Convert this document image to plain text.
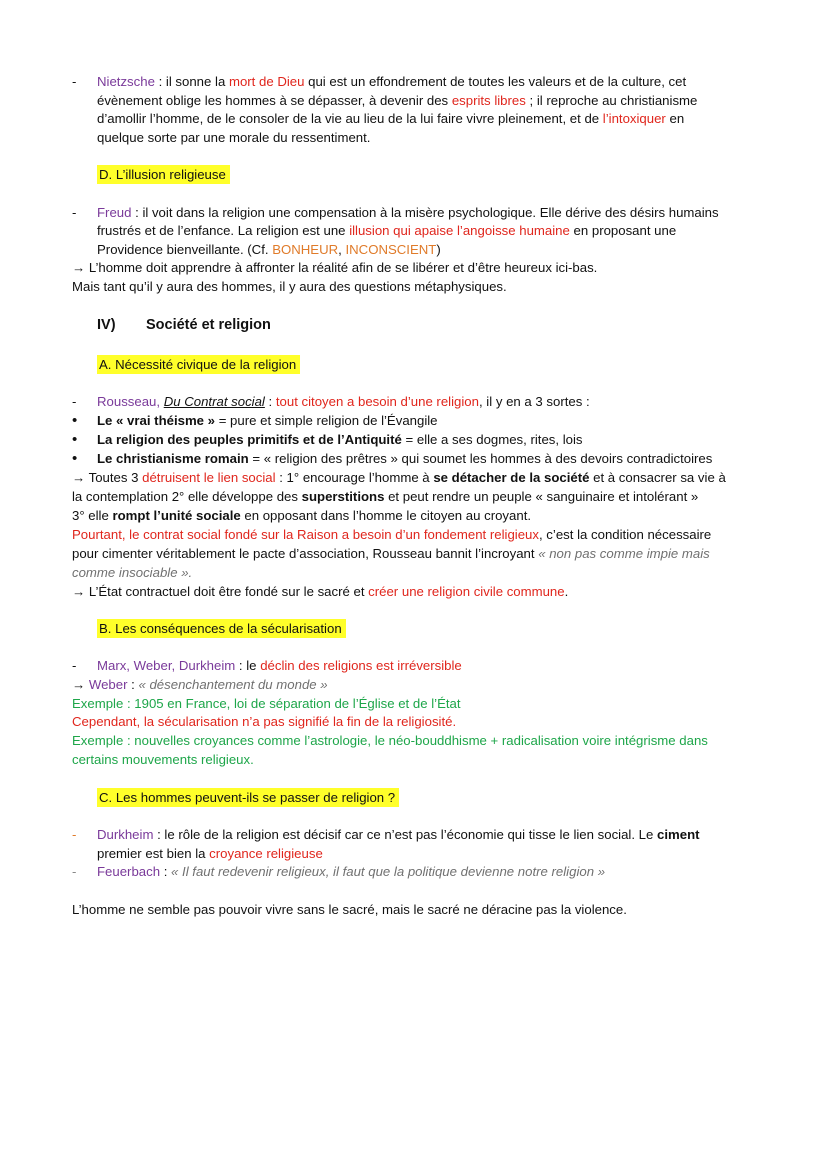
- Nietzsche : il sonne la mort de Dieu qui est un effondrement de toutes les valeurs et de la culture, cet
évènement oblige les hommes à se dépasser, à devenir des esprits libres ; il reproche au christianisme
d’amollir l’homme, de le consoler de la vie au lieu de la lui faire vivre pleinement, et de l’intoxiquer en
quelque sorte par une morale du ressentiment.
D. L’illusion religieuse
- Freud : il voit dans la religion une compensation à la misère psychologique. Elle dérive des désirs humains
frustrés et de l’enfance. La religion est une illusion qui apaise l’angoisse humaine en proposant une
Providence bienveillante. (Cf. BONHEUR, INCONSCIENT)
→ L’homme doit apprendre à affronter la réalité afin de se libérer et d’être heureux ici-bas.
Mais tant qu’il y aura des hommes, il y aura des questions métaphysiques.
IV)	Société et religion
A. Nécessité civique de la religion
- Rousseau, Du Contrat social : tout citoyen a besoin d’une religion, il y en a 3 sortes :
• Le « vrai théisme » = pure et simple religion de l’Évangile
• La religion des peuples primitifs et de l’Antiquité = elle a ses dogmes, rites, lois
• Le christianisme romain = « religion des prêtres » qui soumet les hommes à des devoirs contradictoires
→ Toutes 3 détruisent le lien social : 1° encourage l’homme à se détacher de la société et à consacrer sa vie à
la contemplation 2° elle développe des superstitions et peut rendre un peuple « sanguinaire et intolérant »
3° elle rompt l’unité sociale en opposant dans l’homme le citoyen au croyant.
Pourtant, le contrat social fondé sur la Raison a besoin d’un fondement religieux, c’est la condition nécessaire
pour cimenter véritablement le pacte d’association, Rousseau bannit l’incroyant « non pas comme impie mais
comme insociable ».
→ L’État contractuel doit être fondé sur le sacré et créer une religion civile commune.
B. Les conséquences de la sécularisation
- Marx, Weber, Durkheim : le déclin des religions est irréversible
→ Weber : « désenchantement du monde »
Exemple : 1905 en France, loi de séparation de l’Église et de l’État
Cependant, la sécularisation n’a pas signifié la fin de la religiosité.
Exemple : nouvelles croyances comme l’astrologie, le néo-bouddhisme + radicalisation voire intégrisme dans
certains mouvements religieux.
C. Les hommes peuvent-ils se passer de religion ?
- Durkheim : le rôle de la religion est décisif car ce n’est pas l’économie qui tisse le lien social. Le ciment
premier est bien la croyance religieuse
- Feuerbach : « Il faut redevenir religieux, il faut que la politique devienne notre religion »
L’homme ne semble pas pouvoir vivre sans le sacré, mais le sacré ne déracine pas la violence.
